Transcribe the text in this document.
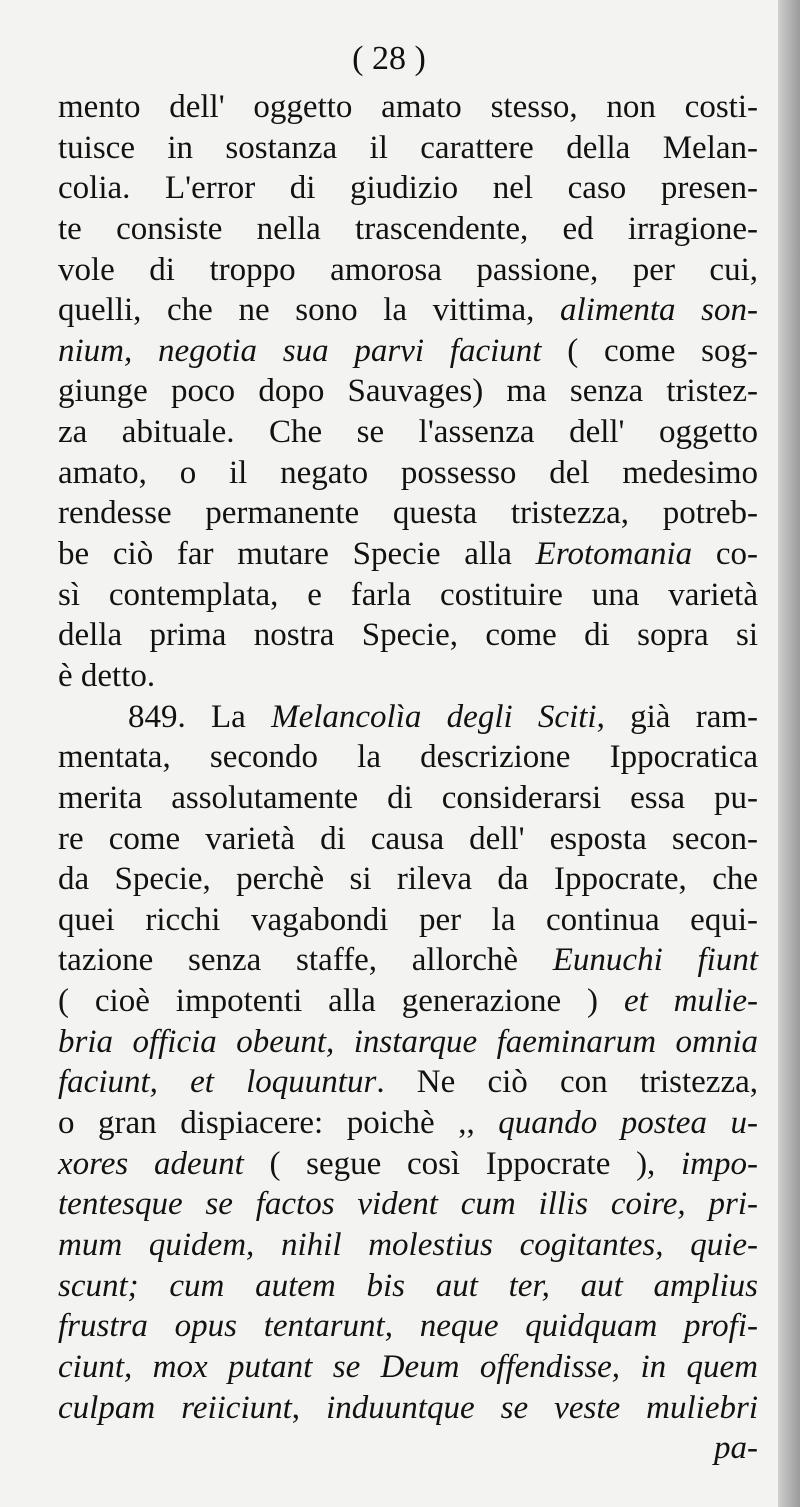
( 28 )
mento dell' oggetto amato stesso, non costi-
tuisce in sostanza il carattere della Melan-
colia. L'error di giudizio nel caso presen-
te consiste nella trascendente, ed irragione-
vole di troppo amorosa passione, per cui,
quelli, che ne sono la vittima, alimenta son-
nium, negotia sua parvi faciunt ( come sog-
giunge poco dopo Sauvages) ma senza tristez-
za abituale. Che se l'assenza dell' oggetto
amato, o il negato possesso del medesimo
rendesse permanente questa tristezza, potreb-
be ciò far mutare Specie alla Erotomania co-
sì contemplata, e farla costituire una varietà
della prima nostra Specie, come di sopra si
è detto.
849. La Melancolìa degli Sciti, già ram-
mentata, secondo la descrizione Ippocratica
merita assolutamente di considerarsi essa pu-
re come varietà di causa dell' esposta secon-
da Specie, perchè si rileva da Ippocrate, che
quei ricchi vagabondi per la continua equi-
tazione senza staffe, allorchè Eunuchi fiunt
( cioè impotenti alla generazione ) et mulie-
bria officia obeunt, instarque faeminarum omnia
faciunt, et loquuntur. Ne ciò con tristezza,
o gran dispiacere: poichè ,, quando postea u-
xores adeunt ( segue così Ippocrate ), impo-
tentesque se factos vident cum illis coire, pri-
mum quidem, nihil molestius cogitantes, quie-
scunt; cum autem bis aut ter, aut amplius
frustra opus tentarunt, neque quidquam profi-
ciunt, mox putant se Deum offendisse, in quem
culpam reiiciunt, induuntque se veste muliebri
pa-
